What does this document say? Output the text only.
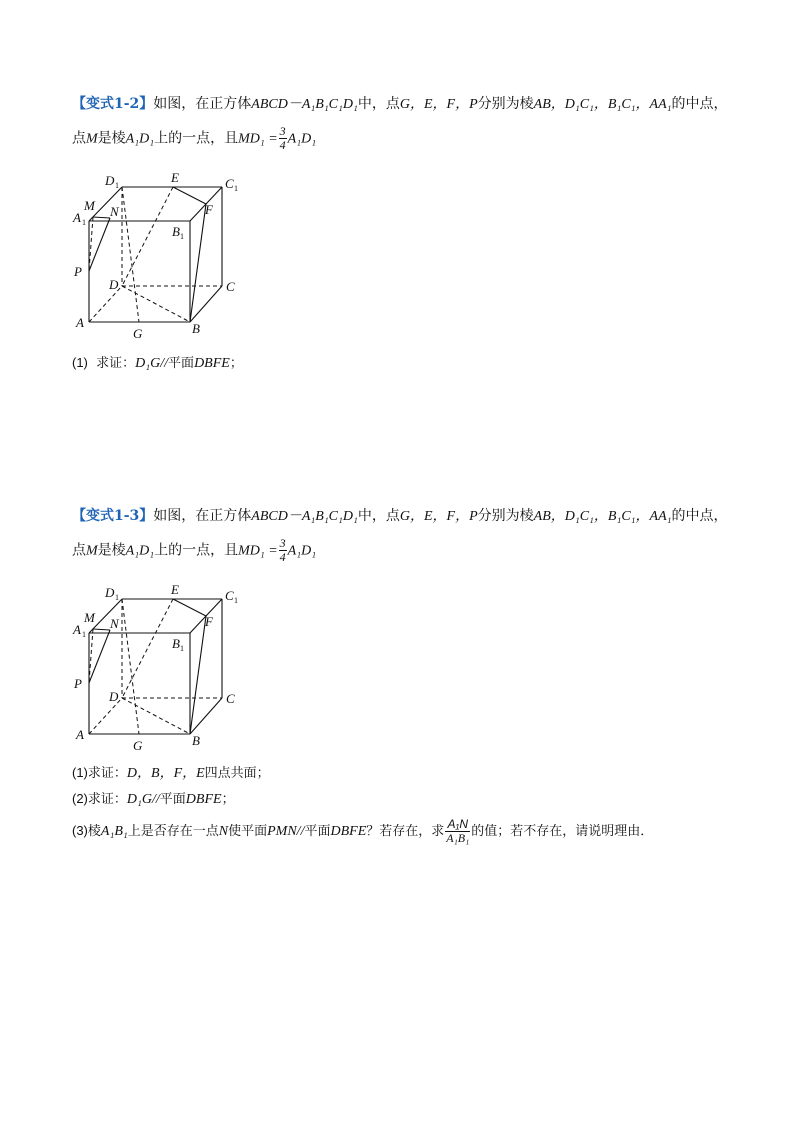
【变式1-2】如图，在正方体ABCD－A₁B₁C₁D₁中，点G，E，F，P分别为棱AB，D₁C₁，B₁C₁，AA₁的中点，
点M是棱A₁D₁上的一点，且$MD_1 = \frac{3}{4} A_1D_1$
D 1
E	C 1
M N
A 1
F
B 1
P
D	C
A
G	B
(1) 求证：D₁G//平面DBFE；
【变式1-3】如图，在正方体ABCD－A₁B₁C₁D₁中，点G，E，F，P分别为棱AB，D₁C₁，B₁C₁，AA₁的中点，
点M是棱A₁D₁上的一点，且$MD_1 = \frac{3}{4} A_1D_1$
D 1
E	C 1
M N
A 1
F
B 1
P
D	C
A
G	B
(1)求证：D，B，F，E四点共面；
(2)求证：D₁G//平面DBFE；
(3)棱A₁B₁上是否存在一点N使平面PMN//平面DBFE？若存在，求 $\frac{\text{A₁N}}{\text{A₁B₁}}$ 的值；若不存在，请说明理由．
